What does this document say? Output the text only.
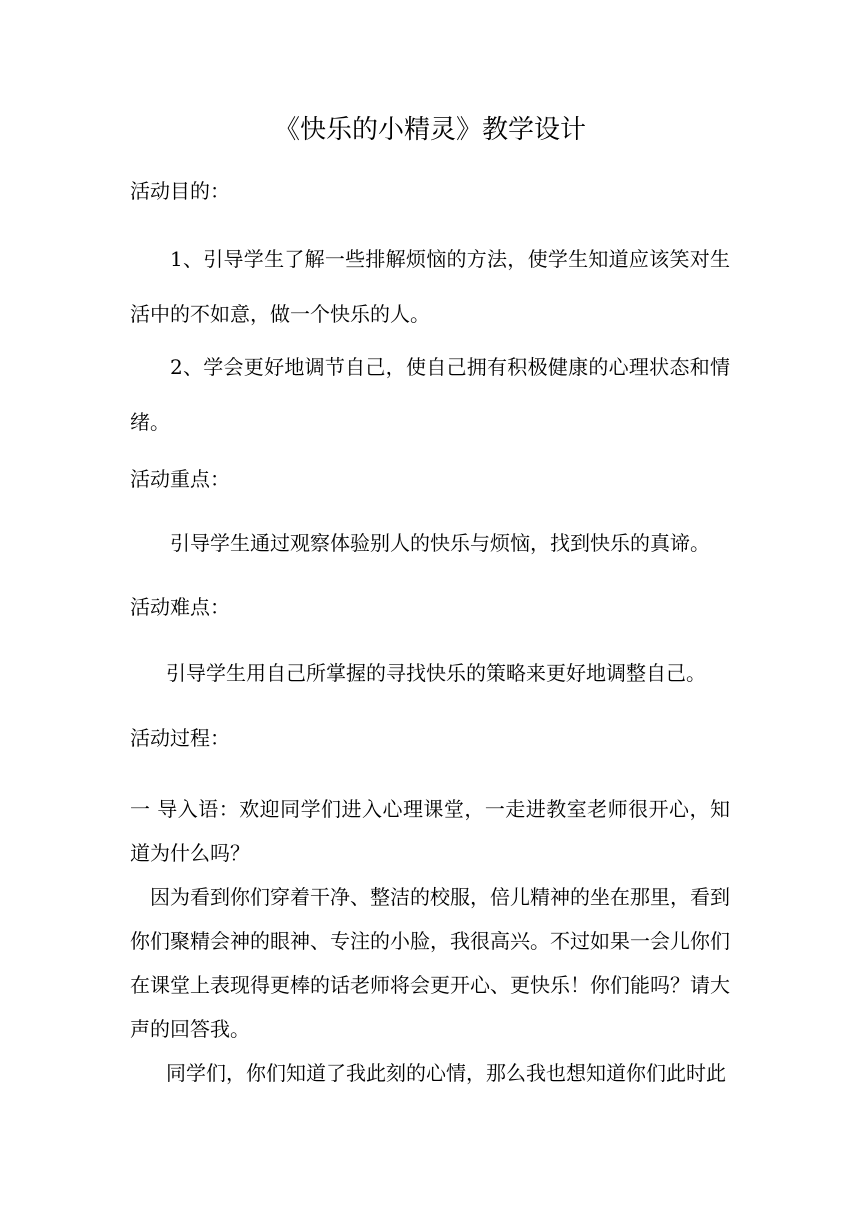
《快乐的小精灵》教学设计
活动目的：
1、引导学生了解一些排解烦恼的方法，使学生知道应该笑对生活中的不如意，做一个快乐的人。
2、学会更好地调节自己，使自己拥有积极健康的心理状态和情绪。
活动重点：
引导学生通过观察体验别人的快乐与烦恼，找到快乐的真谛。
活动难点：
引导学生用自己所掌握的寻找快乐的策略来更好地调整自己。
活动过程：
一 导入语：欢迎同学们进入心理课堂，一走进教室老师很开心，知道为什么吗？
因为看到你们穿着干净、整洁的校服，倍儿精神的坐在那里，看到你们聚精会神的眼神、专注的小脸，我很高兴。不过如果一会儿你们在课堂上表现得更棒的话老师将会更开心、更快乐！你们能吗？请大声的回答我。
同学们，你们知道了我此刻的心情，那么我也想知道你们此时此
